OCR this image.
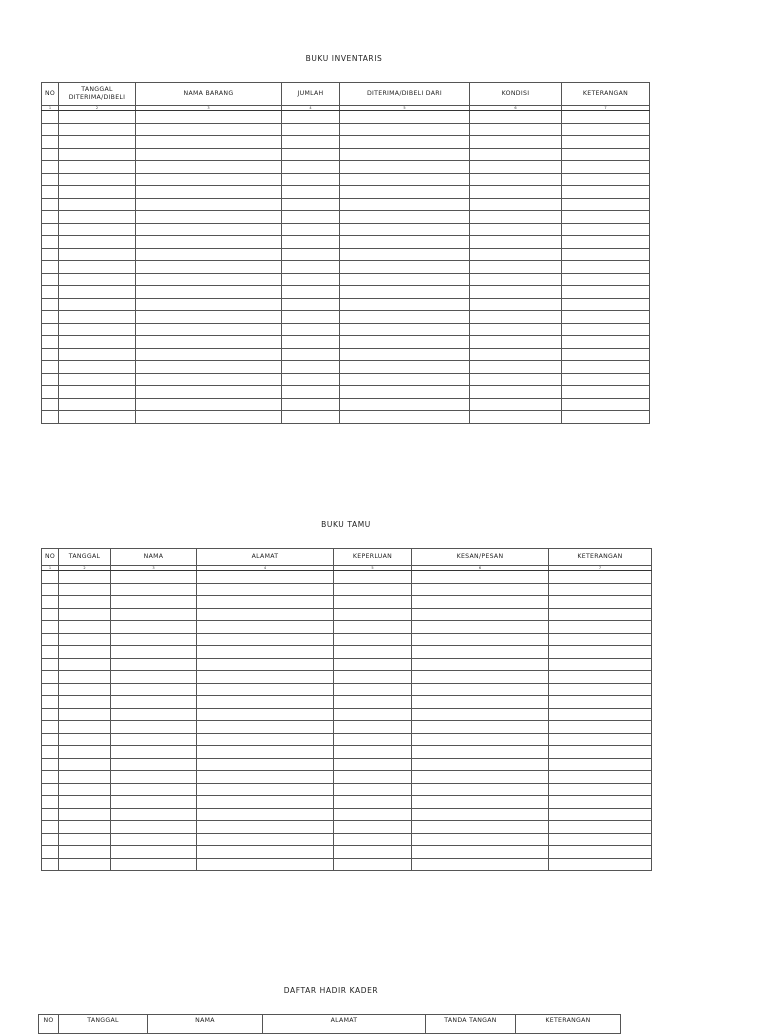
BUKU INVENTARIS
NO	TANGGAL DITERIMA/DIBELI	NAMA BARANG	JUMLAH	DITERIMA/DIBELI DARI	KONDISI	KETERANGAN
1	2	3	4	5	6	7

BUKU TAMU
NO	TANGGAL	NAMA	ALAMAT	KEPERLUAN	KESAN/PESAN	KETERANGAN
1	2	3	4	5	6	7

DAFTAR HADIR KADER
NO	TANGGAL	NAMA	ALAMAT	TANDA TANGAN	KETERANGAN
